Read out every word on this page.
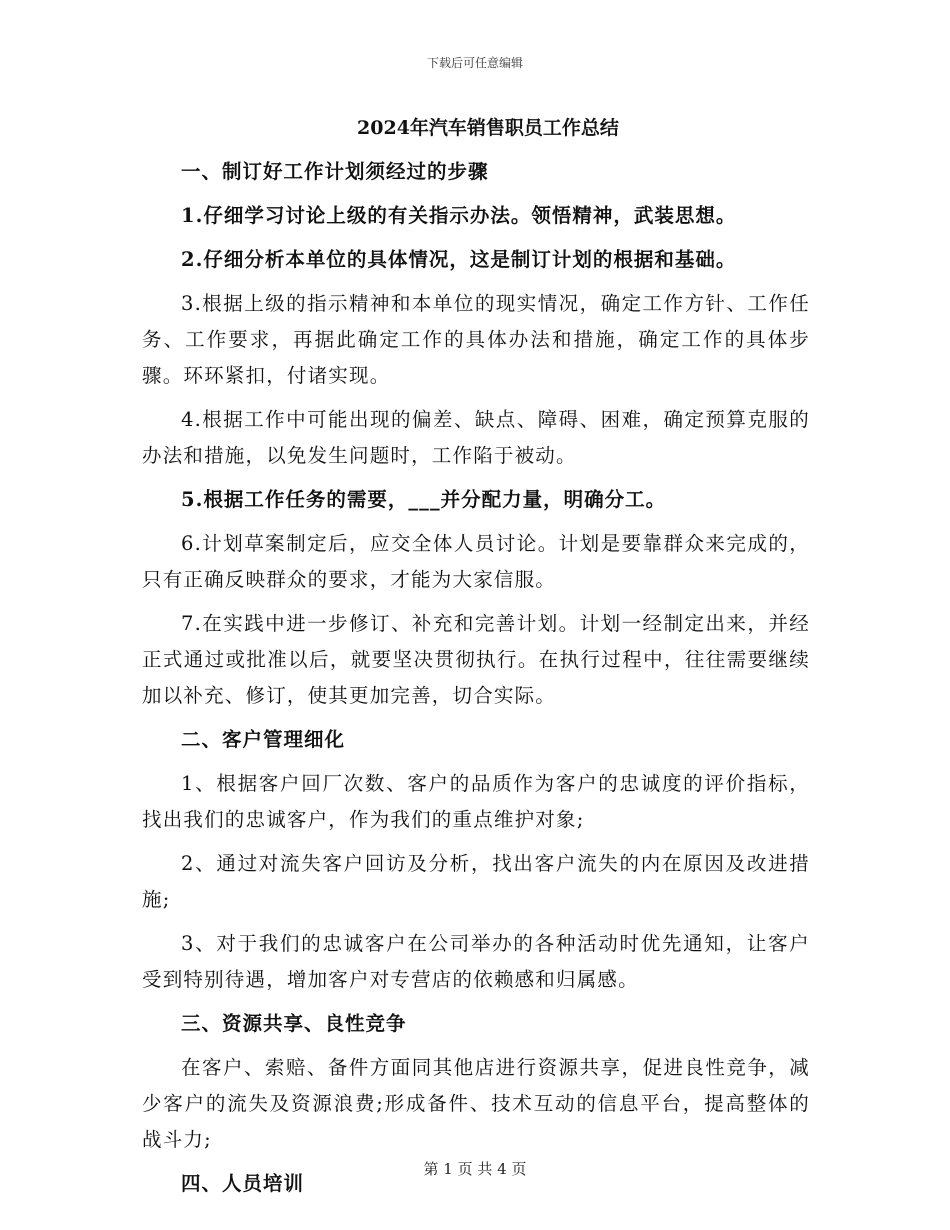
下载后可任意编辑
2024年汽车销售职员工作总结

一、制订好工作计划须经过的步骤

1.仔细学习讨论上级的有关指示办法。领悟精神，武装思想。

2.仔细分析本单位的具体情况，这是制订计划的根据和基础。

3.根据上级的指示精神和本单位的现实情况，确定工作方针、工作任务、工作要求，再据此确定工作的具体办法和措施，确定工作的具体步骤。环环紧扣，付诸实现。

4.根据工作中可能出现的偏差、缺点、障碍、困难，确定预算克服的办法和措施，以免发生问题时，工作陷于被动。

5.根据工作任务的需要，___并分配力量，明确分工。

6.计划草案制定后，应交全体人员讨论。计划是要靠群众来完成的，只有正确反映群众的要求，才能为大家信服。

7.在实践中进一步修订、补充和完善计划。计划一经制定出来，并经正式通过或批准以后，就要坚决贯彻执行。在执行过程中，往往需要继续加以补充、修订，使其更加完善，切合实际。

二、客户管理细化

1、根据客户回厂次数、客户的品质作为客户的忠诚度的评价指标，找出我们的忠诚客户，作为我们的重点维护对象;

2、通过对流失客户回访及分析，找出客户流失的内在原因及改进措施;

3、对于我们的忠诚客户在公司举办的各种活动时优先通知，让客户受到特别待遇，增加客户对专营店的依赖感和归属感。

三、资源共享、良性竞争

在客户、索赔、备件方面同其他店进行资源共享，促进良性竞争，减少客户的流失及资源浪费;形成备件、技术互动的信息平台，提高整体的战斗力;

四、人员培训

第 1 页 共 4 页
